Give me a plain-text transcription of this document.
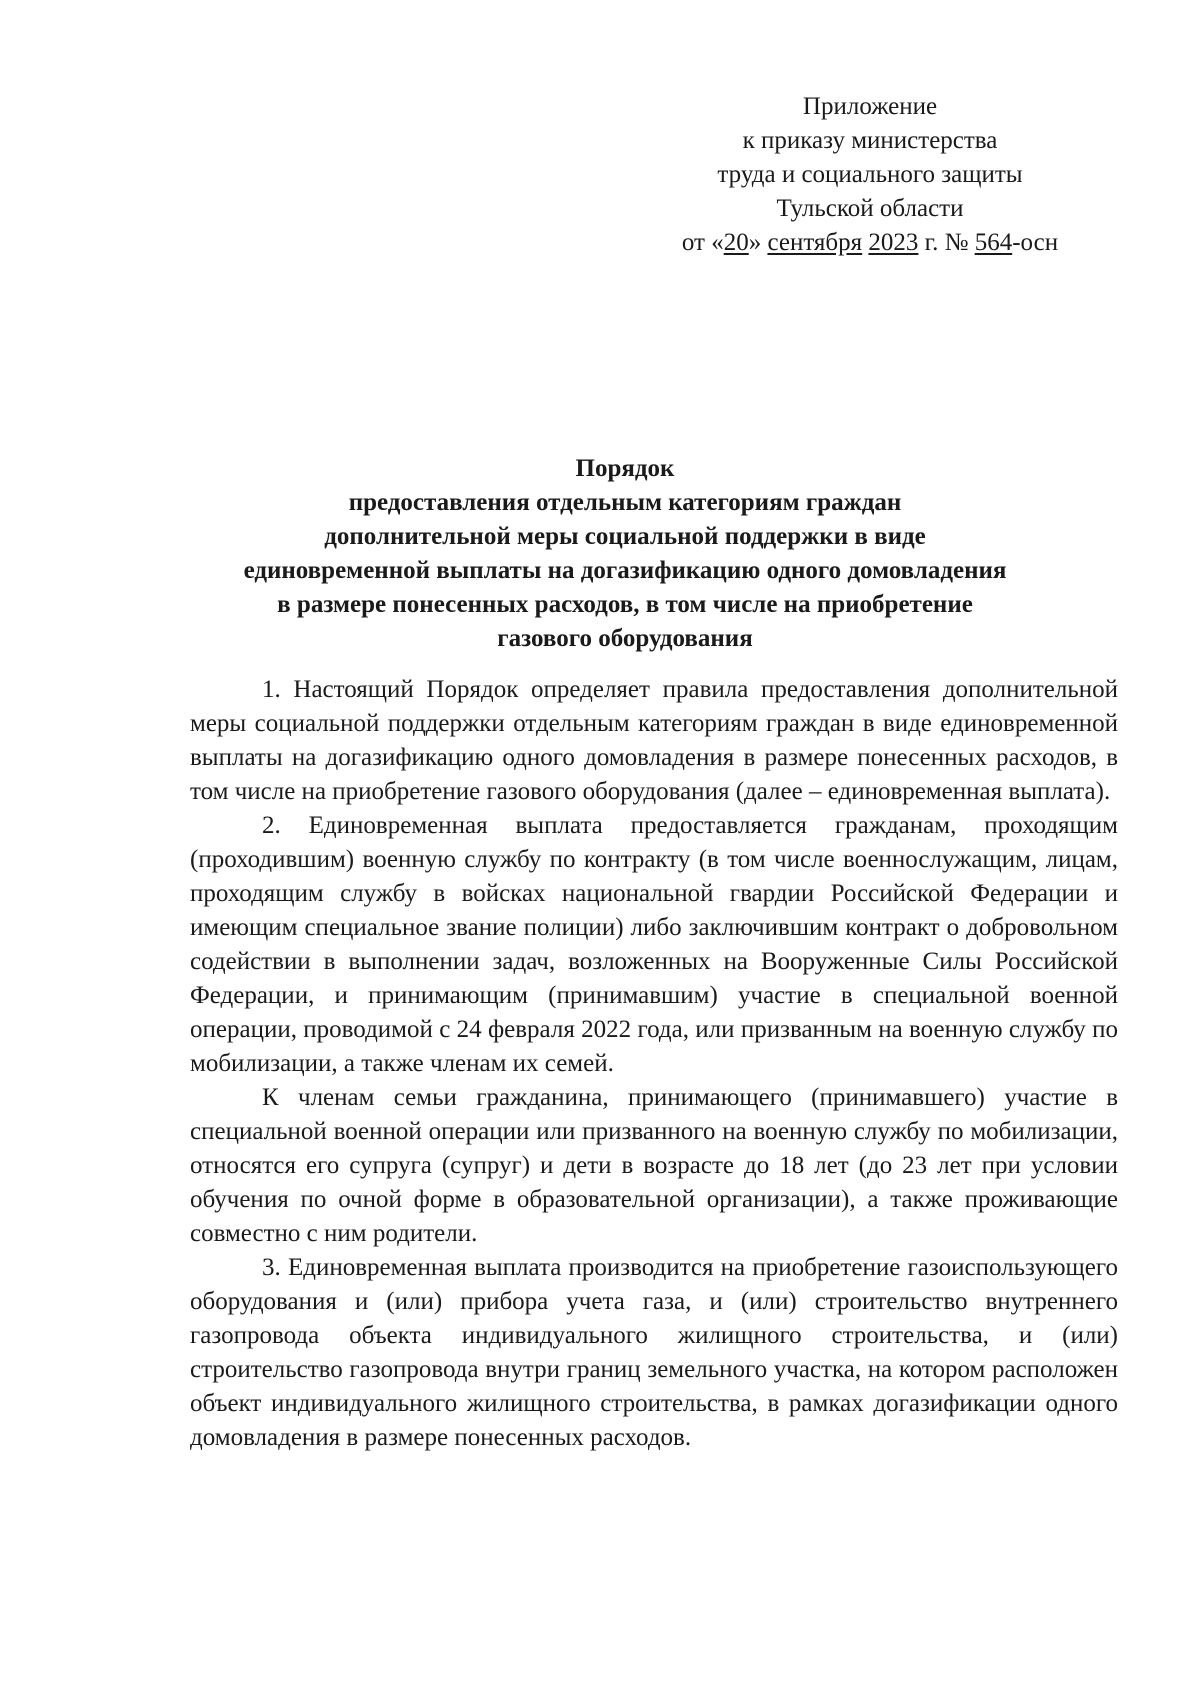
Приложение
к приказу министерства
труда и социального защиты
Тульской области
от «20» сентября 2023 г. № 564-осн
Порядок
предоставления отдельным категориям граждан
дополнительной меры социальной поддержки в виде
единовременной выплаты на догазификацию одного домовладения
в размере понесенных расходов, в том числе на приобретение
газового оборудования

1. Настоящий Порядок определяет правила предоставления дополнительной меры социальной поддержки отдельным категориям граждан в виде единовременной выплаты на догазификацию одного домовладения в размере понесенных расходов, в том числе на приобретение газового оборудования (далее – единовременная выплата).

2. Единовременная выплата предоставляется гражданам, проходящим (проходившим) военную службу по контракту (в том числе военнослужащим, лицам, проходящим службу в войсках национальной гвардии Российской Федерации и имеющим специальное звание полиции) либо заключившим контракт о добровольном содействии в выполнении задач, возложенных на Вооруженные Силы Российской Федерации, и принимающим (принимавшим) участие в специальной военной операции, проводимой с 24 февраля 2022 года, или призванным на военную службу по мобилизации, а также членам их семей.

К членам семьи гражданина, принимающего (принимавшего) участие в специальной военной операции или призванного на военную службу по мобилизации, относятся его супруга (супруг) и дети в возрасте до 18 лет (до 23 лет при условии обучения по очной форме в образовательной организации), а также проживающие совместно с ним родители.

3. Единовременная выплата производится на приобретение газоиспользующего оборудования и (или) прибора учета газа, и (или) строительство внутреннего газопровода объекта индивидуального жилищного строительства, и (или) строительство газопровода внутри границ земельного участка, на котором расположен объект индивидуального жилищного строительства, в рамках догазификации одного домовладения в размере понесенных расходов.
